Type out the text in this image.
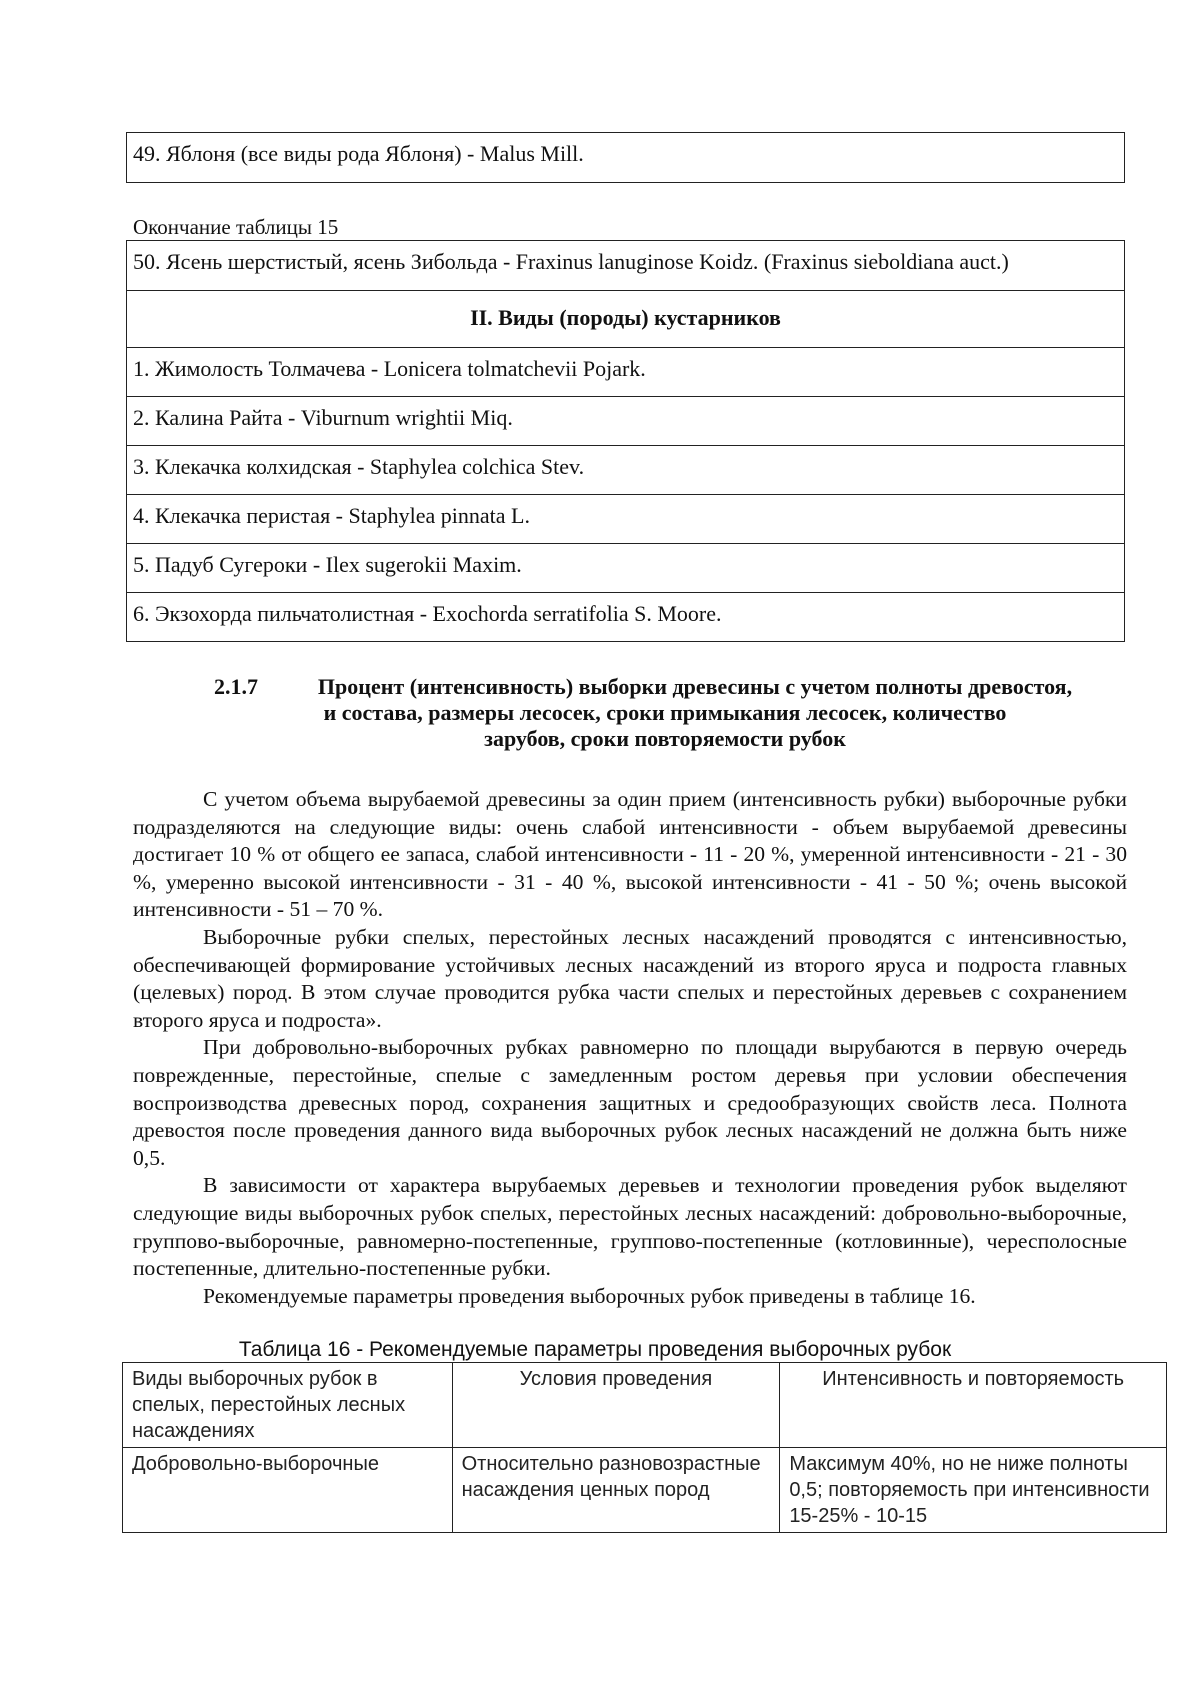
49. Яблоня (все виды рода Яблоня) - Malus Mill.
Окончание таблицы 15
50. Ясень шерстистый, ясень Зибольда - Fraxinus lanuginose Koidz. (Fraxinus sieboldiana auct.)
II. Виды (породы) кустарников
1. Жимолость Толмачева - Lonicera tolmatchevii Pojark.
2. Калина Райта - Viburnum wrightii Miq.
3. Клекачка колхидская - Staphylea colchica Stev.
4. Клекачка перистая - Staphylea pinnata L.
5. Падуб Сугероки - Ilex sugerokii Maxim.
6. Экзохорда пильчатолистная - Exochorda serratifolia S. Moore.
2.1.7	Процент (интенсивность) выборки древесины с учетом полноты древостоя,
и состава, размеры лесосек, сроки примыкания лесосек, количество
зарубов, сроки повторяемости рубок

С учетом объема вырубаемой древесины за один прием (интенсивность рубки) выборочные рубки подразделяются на следующие виды: очень слабой интенсивности - объем вырубаемой древесины достигает 10 % от общего ее запаса, слабой интенсивности - 11 - 20 %, умеренной интенсивности - 21 - 30 %, умеренно высокой интенсивности - 31 - 40 %, высокой интенсивности - 41 - 50 %; очень высокой интенсивности - 51 – 70 %.

Выборочные рубки спелых, перестойных лесных насаждений проводятся с интенсивностью, обеспечивающей формирование устойчивых лесных насаждений из второго яруса и подроста главных (целевых) пород. В этом случае проводится рубка части спелых и перестойных деревьев с сохранением второго яруса и подроста».

При добровольно-выборочных рубках равномерно по площади вырубаются в первую очередь поврежденные, перестойные, спелые с замедленным ростом деревья при условии обеспечения воспроизводства древесных пород, сохранения защитных и средообразующих свойств леса. Полнота древостоя после проведения данного вида выборочных рубок лесных насаждений не должна быть ниже 0,5.

В зависимости от характера вырубаемых деревьев и технологии проведения рубок выделяют следующие виды выборочных рубок спелых, перестойных лесных насаждений: добровольно-выборочные, группово-выборочные, равномерно-постепенные, группово-постепенные (котловинные), чересполосные постепенные, длительно-постепенные рубки.

Рекомендуемые параметры проведения выборочных рубок приведены в таблице 16.

Таблица 16 - Рекомендуемые параметры проведения выборочных рубок
Виды выборочных рубок в спелых, перестойных лесных насаждениях	Условия проведения	Интенсивность и повторяемость
Добровольно-выборочные	Относительно разновозрастные насаждения ценных пород	Максимум 40%, но не ниже полноты 0,5; повторяемость при интенсивности 15-25% - 10-15
